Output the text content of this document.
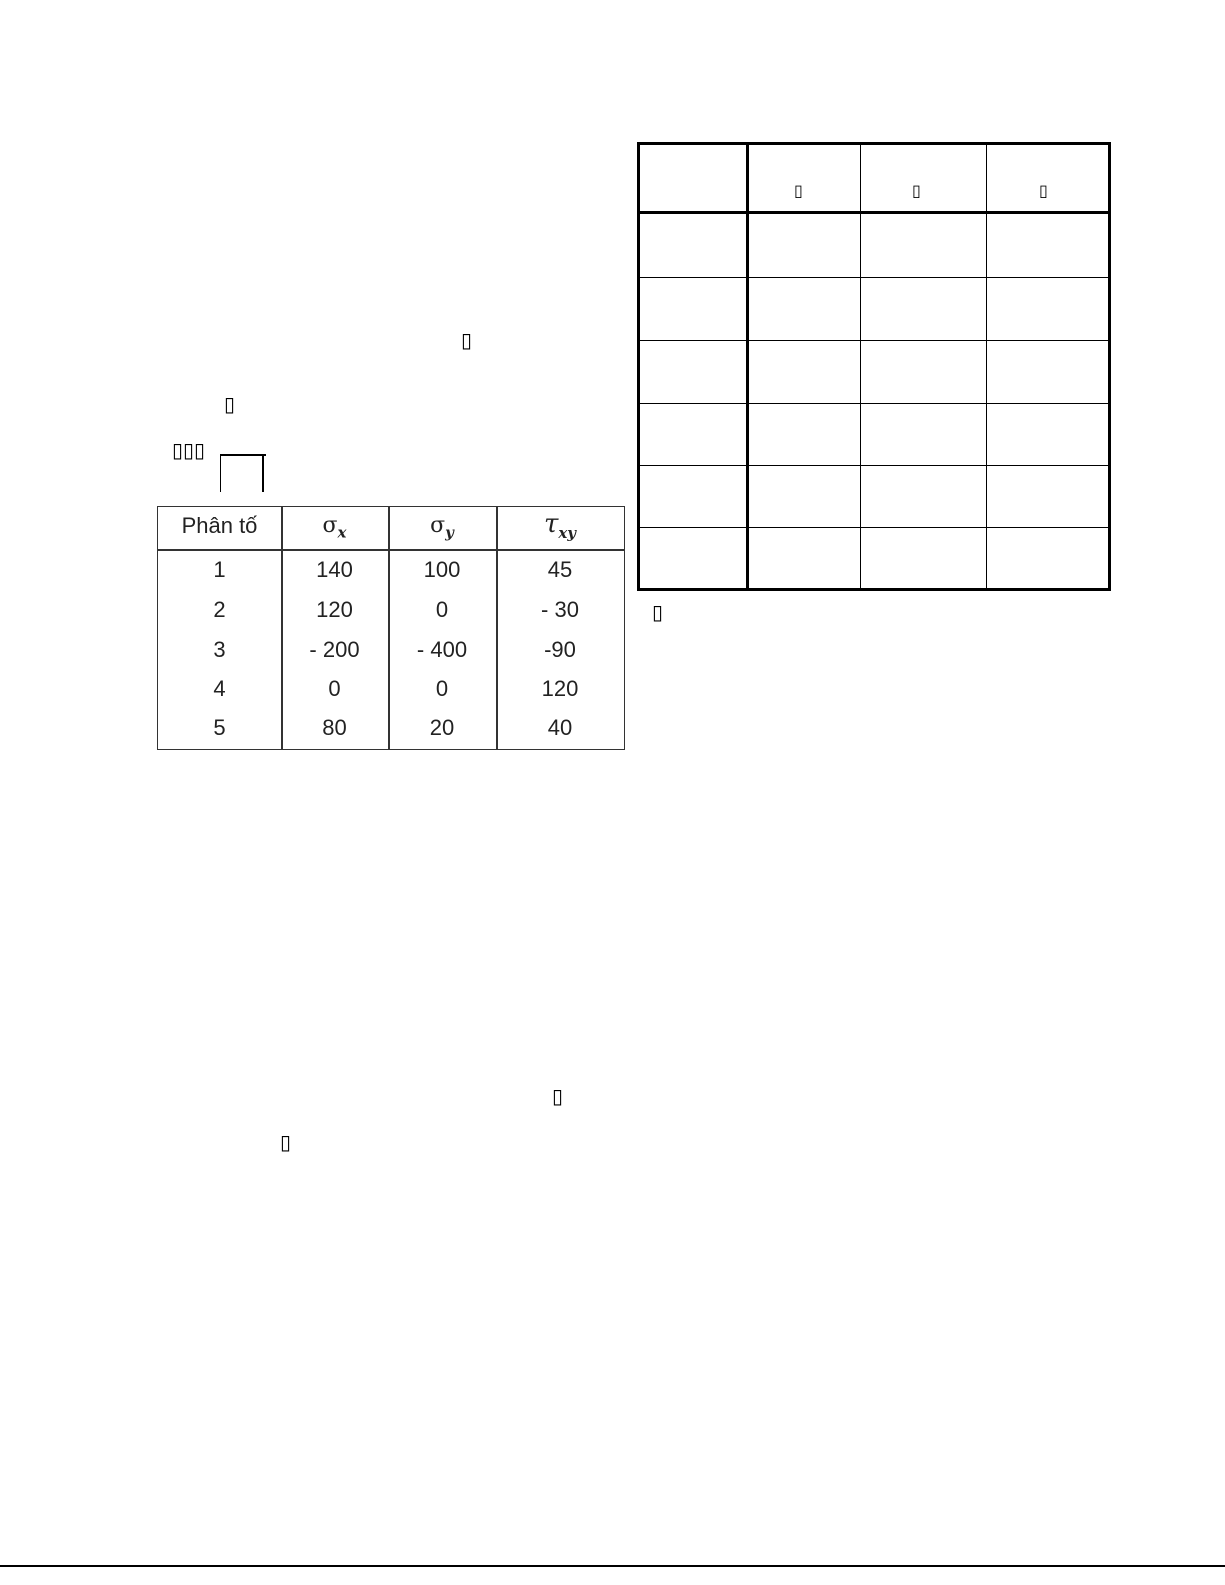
▯
▯
▯▯▯
▯
▯
▯
▯	▯	▯
Phân tố	$\sigma_x$	$\sigma_y$	$\tau_{xy}$
1	140	100	45
2	120	0	- 30
3	- 200	- 400	-90
4	0	0	120
5	80	20	40
